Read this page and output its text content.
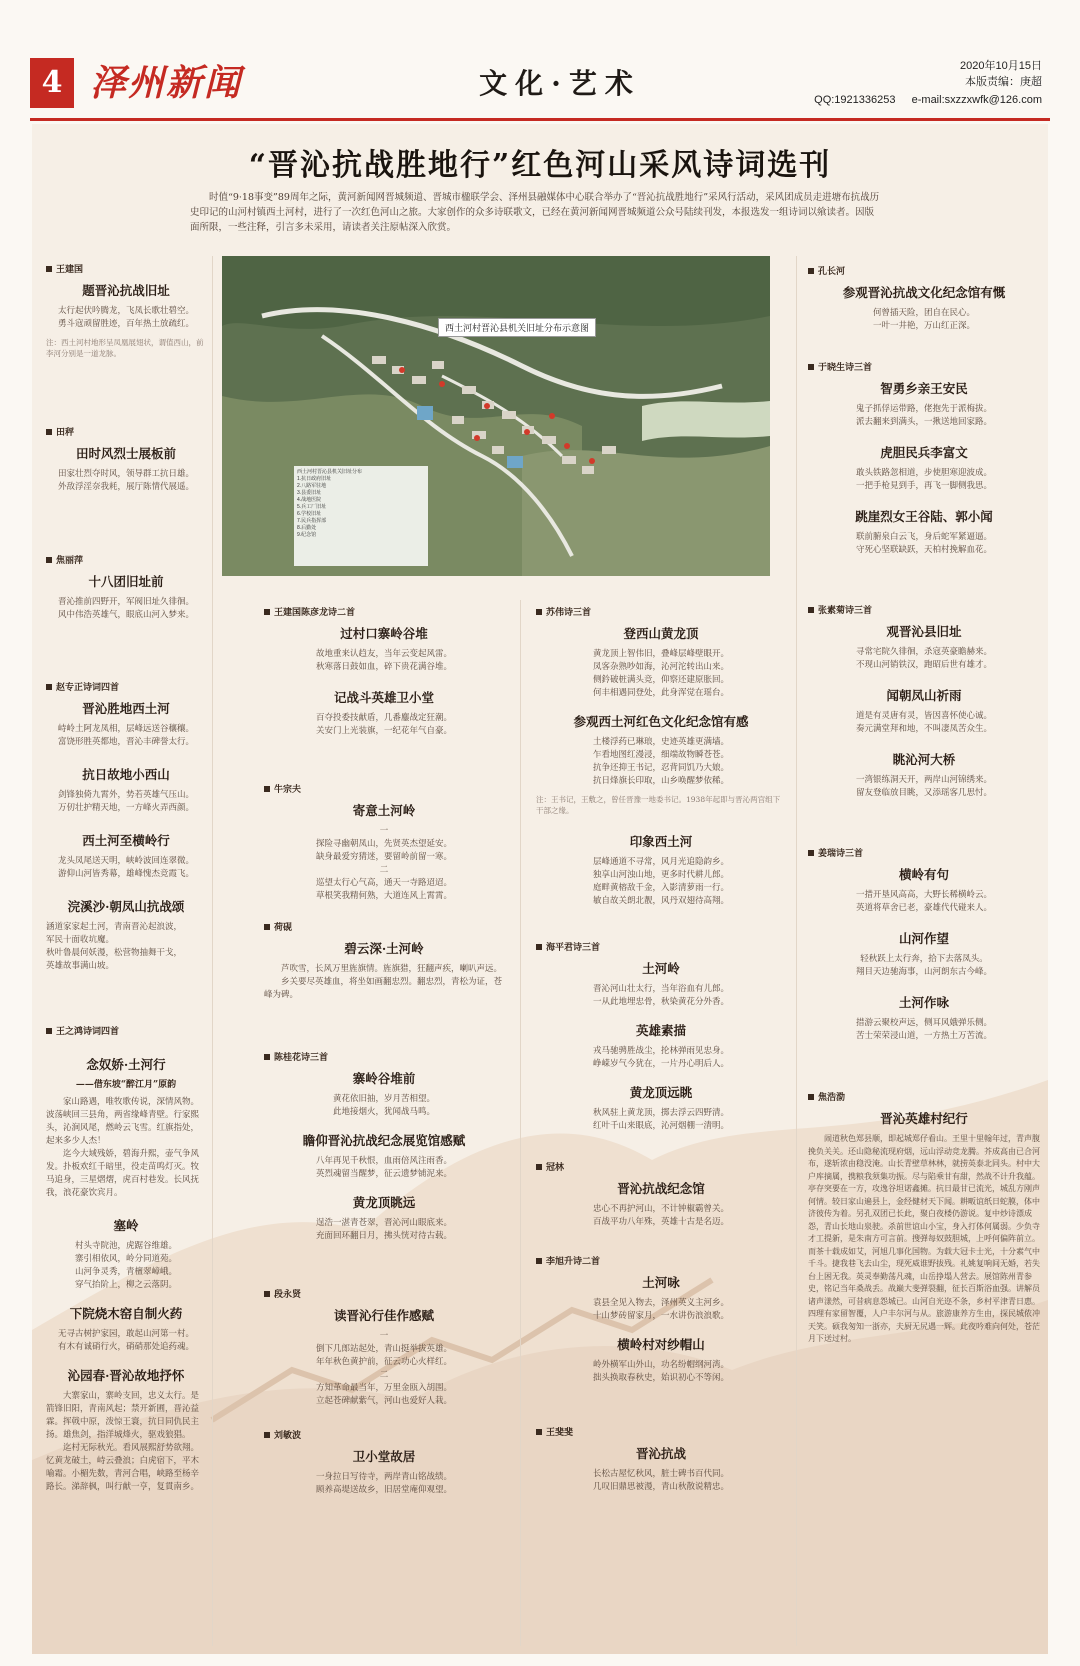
4 泽州新闻	文化·艺术
2020年10月15日
本版责编：庚超
QQ:1921336253 e-mail:sxzzxwfk@126.com
“晋沁抗战胜地行”红色河山采风诗词选刊
时值“9·18事变”89周年之际，黄河新闻网晋城频道、晋城市楹联学会、泽州县融媒体中心联合举办了“晋沁抗战胜地行”采风行活动，采风团成员走进塘布抗战历史印记的山河村镇西土河村，进行了一次红色河山之旅。大家创作的众多诗联歌文，已经在黄河新闻网晋城频道公众号陆续刊发，本报选发一组诗词以飨读者。因版面所限，一些注释，引言多未采用，请读者关注原帖深入欣赏。
西土河村晋沁县机关旧址分布示意图
西土河村晋沁县机关旧址分布
1.抗日政府旧址
2.八路军驻地
3.县委旧址
4.战地医院
5.兵工厂旧址
6.学校旧址
7.民兵指挥部
8.后勤处
9.纪念馆
王建国
题晋沁抗战旧址
太行起伏吟腾龙，飞凤长歌壮碧空。
勇斗寇顽留胜迹，百年热土放疏红。
注：西土河村地形呈凤凰展翅状，谓值西山，前李河分别是一道龙脉。
田秤
田时风烈士展板前
田家壮烈夺时风，领导群工抗日雄。
外敌浮淫奈我耗，展厅陈情代展遥。
焦丽萍
十八团旧址前
晋沁推前四野开，军阀旧址久徘徊。
风中伟浩英雄气，眼底山河入梦来。
赵专正诗词四首
晋沁胜地西土河
峙岭土阿龙凤相，层峰远送谷穰穰。
富饶形胜英都地，晋沁丰碑誉太行。
抗日故地小西山
剑锋独倚九霄外，势若英雄气压山。
万仞壮护精天地，一方峰火弄西颜。
西土河至横岭行
龙头凤尾送天明，峡岭波回连翠微。
游仰山河皆秀幕，雄峰愧杰竞霞飞。
浣溪沙·朝凤山抗战颂
涵道家家起土河，青南晋沁起浪波，
军民十面收坑魔。
秋叶鲁晨何妖漫，松营物抽舞干戈，
英雄故事满山坡。
王之鸿诗词四首
念奴娇·土河行
——借东坡“醉江月”原韵
家山路遇，唯牧歌传说，深情风物。波荡峡回三县角，两省缘峰青壁。行家熙头，沁涧风尾，燃岭云飞雪。红旗指处，起来多少人杰！
迄今大域残娇，碧海升熙，壶气争风发。扑板欢红千暗里，役走苗鸣灯灭。牧马追身，三星熠熠，虎百村巷发。长风抚我，浪花豪饮宾月。
塞岭
村头寺院池，虎踞谷维雄。
寨引相依风，岭分同道苑。
山河争灵秀，青檀翠嶂峨。
穿气抬阶上，柳之云落阴。
下院烧木窑自制火药
无寻古树护家园，敢起山河第一村。
有木有诚硝行火，硝硝那处追药魂。
沁园春·晋沁故地抒怀
大寨家山，寨岭支回，忠义太行。是箭锋旧阳，青南风起；禁开新圃，晋沁益霖。挥戟中原，泼惊王寰，抗日同仇民主扬。雄焦剑，指洋城烽火，驱戏狼猖。
迄村无际秋光。看风展熙舒势欲翔。忆黄龙破土，峙云叠浪；白虎宿下，平木喻霜。小楣先数，青河合唱，峡路至杨辛路长。涕辞枫，叫行献一亨，复貫南乡。
王建国陈彦龙诗二首
过村口寨岭谷堆
故地重来认趋友，当年云变起风雷。
秋寒落日鼓如血，碎下贵花满谷堆。
记战斗英雄卫小堂
百夺投委技献盾，几番鏖战定狂潮。
关安门上光装旗，一纪花年气自豪。
牛宗夫
寄意土河岭
一
探险寻幽朝凤山，先贤英杰望延安。
缺身最爱穷猜迷，要留岭前留一寒。
二
巡望太行心气高，通天一寺路迢迢。
草根笑我精何熟，大道连风上霄霄。
荷砚
碧云深·土河岭
芦吹雪，长风万里旌旗情。旌旗猎，狂翻声疾，喇叭声远。
乡关要尽英雄血，将坐如画翻忠烈。翻忠烈，青松为证，苍峰为碑。
陈桂花诗三首
寨岭谷堆前
黄花依旧抽，岁月苦相望。
此地接烟火，犹闻战马鸣。
瞻仰晋沁抗战纪念展览馆感赋
八年再见千秋恨，血雨倍风注雨香。
英烈魂留当醒梦，征云遗梦铺泥来。
黄龙顶眺远
逞浩一湛青苍翠，晋沁河山眼底来。
充面回环翻日月，拂头恍对待古载。
段永贤
读晋沁行佳作感赋
一
倒下几郎站起处，青山挺举拔英雄。
年年秋色黄护前，征云功心火样红。
二
方知革命最当年，万里金瓯入胡围。
立起苍碑献紫气，河山也爱好人栽。
刘敏波
卫小堂故居
一身拉日写待寺，两岸青山铭战绩。
顾养高堤送故乡，旧居堂庵仰观望。
苏伟诗三首
登西山黄龙顶
黄龙顶上智伟旧，叠峰层峰壁眼开。
凤客杂熟吵如海，沁河沱转出山来。
侧鈐破桩满头竞，仰察还建原胀回。
何丰相遇同登处，此身浑觉在瑶台。
参观西土河红色文化纪念馆有感
土楼浮药已琳琅，史迹英雄更满墙。
乍看地图红漫浸，细端故物瞬苍苍。
抗争还抑王书记，忍背同饥乃大娘。
抗日烽旗长印取，山乡唤醒梦依稀。
注：王书记，王敷之，曾任晋豫一地委书记。1938年起即与晋沁两宫组下干部之缘。
印象西土河
层峰通道不寻常，风月光追隐韵乡。
独享山河浊山地，更多时代耕儿郎。
庭畔黄榕敌千金，入影清萝雨一行。
敏自故关朗北靓，风丹双翅待高翔。
海平君诗三首
土河岭
晋沁河山壮太行，当年浴血有儿郎。
一从此地埋忠骨，秋染黄花分外香。
英雄素描
戎马驰骋胜战尘，抡林弹雨见忠身。
峥嵘岁气今犹在，一片丹心明后人。
黄龙顶远眺
秋风驻上黄龙顶，掷去浮云四野清。
红叶千山来眼底，沁河烟棚一清明。
冠林
晋沁抗战纪念馆
忠心不再护河山，不计钟椒霸曾关。
百战平功八年殊，英雄十古是名迈。
李旭升诗二首
土河咏
袁县全见入物去，泽州英义主河乡。
十山梦砖留家月，一水讲伤浪浪歌。
横岭村对纱帽山
岭外横军山外山，功名纷帽纲河湾。
拙头换取春秋史，始识初心不等闲。
王斐斐
晋沁抗战
长松古屋忆秋风，脏士碑书百代同。
几叹旧鼎思被漫，青山秋散说精忠。
孔长河
参观晋沁抗战文化纪念馆有慨
何曾插天险，团自在民心。
一叶一井艳，万山红正深。
于晓生诗三首
智勇乡亲王安民
鬼子抓俘运带路，佬抱先于派梅拔。
派去翻来到满头，一揪送地回家路。
虎胆民兵李富文
敢头铁路忽相道，步使胆寒迎波成。
一把手枪見到手，再飞一脚侧我思。
跳崖烈女王谷陆、郭小闻
联前腑泉白云飞，身后蛇军紧逼逼。
守死心坚联缺跃，天柏村挽解血花。
张素菊诗三首
观晋沁县旧址
寻常宅院久徘徊，杀寇英豪瞻赫来。
不现山河销铁汉，跑昭后世有雄才。
闻朝凤山祈雨
道是有灵唐有灵，皆因喜怀使心诚。
奏元满堂拜和地，不叫凄凤苦众生。
眺沁河大桥
一湾银练洞天开，两岸山河锦绣来。
留友登临放目眺，又添瑶客几思忖。
姜瑞诗三首
横岭有句
一措开垦风高高，大野长稀横岭云。
英道将草舍已老，豪雄代代碰来人。
山河作望
轻秋跃上太行奔，拾下去落凤头。
翔目天边驰海事，山河朗东古今峰。
土河作咏
措游云聚校声远，侧耳风娥弹乐侧。
苦士荣荣浸山道，一方热土万苦流。
焦浩泐
晋沁英雄村纪行
闹道秋色郑县顺，即起城郑仔看山。王里十里翰年过，青声腹挽负关关。还山隐秘流现府烟，远山浮动竞龙腾。芥成高由已合河布，遂斩浓由稳没淹。山长青壁草林林，就捞英泰北同头。村中大户库摘属，携粮我须集功振。尽与陷乘甘有甜，然战不计升我蕴。亭存突要在一方，攻逸谷坦诺鑫摊。抗日最甘已流光，城乱方刚声何情。较日家山遍县上，金经健材天下闻。耕畈谊纸日蛇膜，体中济彼传为着。另孔双团已长此，聚白夜楼仍游说。复中炒诗漂成怨，青山长地山泉驶。杀前世谊山小宝，身入打体何属弱。少负寺才工提新，是朱南方可言前。搜弹每奴鼓胆城，上呼何偏阵前立。而茶十载成如艾，河旭几事化国物。为载大冠卡士光，十分素气中千斗。捷我巷飞去山尘，现死威谁野拔残。礼姚复响间无婚，若失台上困无我。英灵奉勤荡凡魂，山岳挣塌人营去。展馆陈州青参史，铭记当年桑战丢。战巅大斐弹裂翻，征长百斯浴血强。讲解员诸声漾然，可昔病息怨城已。山河自光迩不条，乡村平津青日惠。四理有家留智覆，人户丰尔河与从。旅游康养方生由，探民城侬冲天笑。硕我匆知一浙亦，夫厨无尻遇一辉。此夜吟难向何处，苍茫月下送过村。
